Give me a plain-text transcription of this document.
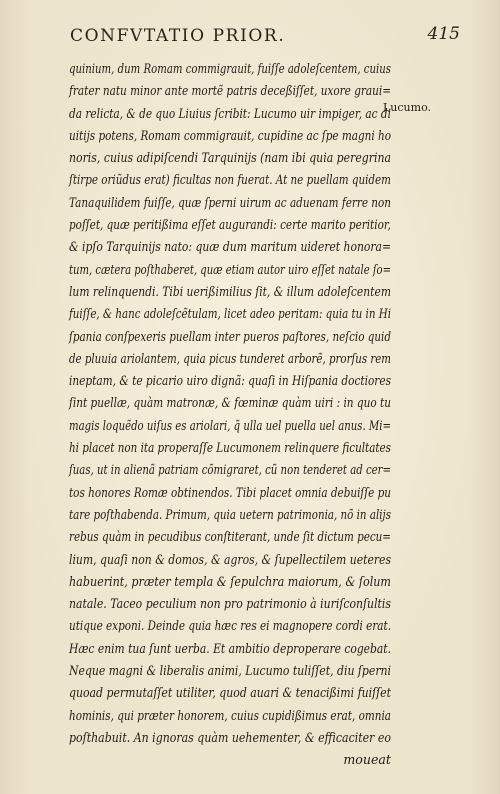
CONFVTATIO PRIOR.	415
Lucumo.
quinium, dum Romam commigrauit, fuiſſe adoleſcentem, cuius
frater natu minor ante mortẽ patris deceßiſſet, uxore graui=
da relicta, & de quo Liuius ſcribit: Lucumo uir impiger, ac di
uitijs potens, Romam commigrauit, cupidine ac ſpe magni ho
noris, cuius adipiſcendi Tarquinijs (nam ibi quia peregrina
ſtirpe oriũdus erat) ficultas non fuerat. At ne puellam quidem
Tanaquilidem fuiſſe, quæ ſperni uirum ac aduenam ferre non
poſſet, quæ peritißima eſſet augurandi: certe marito peritior,
& ipſo Tarquinijs nato: quæ dum maritum uideret honora=
tum, cætera poſthaberet, quæ etiam autor uiro eſſet natale ſo=
lum relinquendi. Tibi uerißimilius ſit, & illum adoleſcentem
fuiſſe, & hanc adoleſcẽtulam, licet adeo peritam: quia tu in Hi
ſpania conſpexeris puellam inter pueros paſtores, neſcio quid
de pluuia ariolantem, quia picus tunderet arborẽ, prorſus rem
ineptam, & te picario uiro dignã: quaſi in Hiſpania doctiores
ſint puellæ, quàm matronæ, & fœminæ quàm uiri : in quo tu
magis loquẽdo uiſus es ariolari, q̃ ulla uel puella uel anus. Mi=
hi placet non ita properaſſe Lucumonem relinquere ficultates
ſuas, ut in alienã patriam cõmigraret, cũ non tenderet ad cer=
tos honores Romæ obtinendos. Tibi placet omnia debuiſſe pu
tare poſthabenda. Primum, quia uetern patrimonia, nõ in alijs
rebus quàm in pecudibus conſtiterant, unde ſit dictum pecu=
lium, quaſi non & domos, & agros, & ſupellectilem ueteres
habuerint, præter templa & ſepulchra maiorum, & ſolum
natale. Taceo peculium non pro patrimonio à iuriſconſultis
utique exponi. Deinde quia hæc res ei magnopere cordi erat.
Hæc enim tua ſunt uerba. Et ambitio deproperare cogebat.
Neque magni & liberalis animi, Lucumo tuliſſet, diu ſperni
quoad permutaſſet utiliter, quod auari & tenacißimi fuiſſet
hominis, qui præter honorem, cuius cupidißimus erat, omnia
poſthabuit. An ignoras quàm uehementer, & efficaciter eo
moueat
